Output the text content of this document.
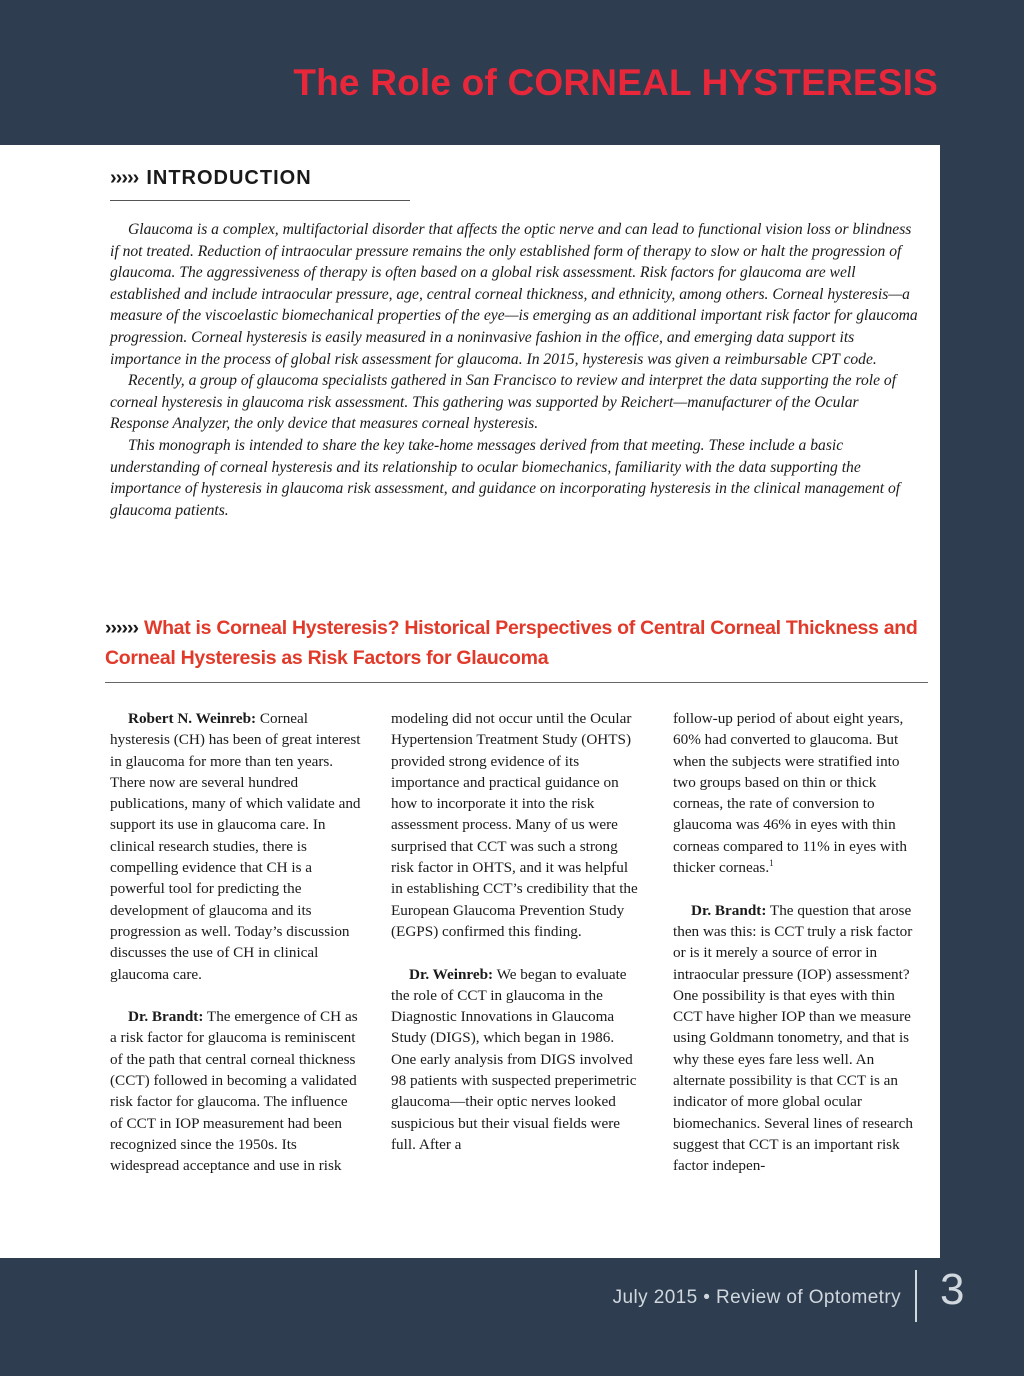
The Role of CORNEAL HYSTERESIS
››››› INTRODUCTION

Glaucoma is a complex, multifactorial disorder that affects the optic nerve and can lead to functional vision loss or blindness if not treated. Reduction of intraocular pressure remains the only established form of therapy to slow or halt the progression of glaucoma. The aggressiveness of therapy is often based on a global risk assessment. Risk factors for glaucoma are well established and include intraocular pressure, age, central corneal thickness, and ethnicity, among others. Corneal hysteresis—a measure of the viscoelastic biomechanical properties of the eye—is emerging as an additional important risk factor for glaucoma progression. Corneal hysteresis is easily measured in a noninvasive fashion in the office, and emerging data support its importance in the process of global risk assessment for glaucoma. In 2015, hysteresis was given a reimbursable CPT code.

Recently, a group of glaucoma specialists gathered in San Francisco to review and interpret the data supporting the role of corneal hysteresis in glaucoma risk assessment. This gathering was supported by Reichert—manufacturer of the Ocular Response Analyzer, the only device that measures corneal hysteresis.

This monograph is intended to share the key take-home messages derived from that meeting. These include a basic understanding of corneal hysteresis and its relationship to ocular biomechanics, familiarity with the data supporting the importance of hysteresis in glaucoma risk assessment, and guidance on incorporating hysteresis in the clinical management of glaucoma patients.

›››››› What is Corneal Hysteresis? Historical Perspectives of Central Corneal Thickness and Corneal Hysteresis as Risk Factors for Glaucoma

Robert N. Weinreb: Corneal hysteresis (CH) has been of great interest in glaucoma for more than ten years. There now are several hundred publications, many of which validate and support its use in glaucoma care. In clinical research studies, there is compelling evidence that CH is a powerful tool for predicting the development of glaucoma and its progression as well. Today’s discussion discusses the use of CH in clinical glaucoma care.

Dr. Brandt: The emergence of CH as a risk factor for glaucoma is reminiscent of the path that central corneal thickness (CCT) followed in becoming a validated risk factor for glaucoma. The influence of CCT in IOP measurement had been recognized since the 1950s. Its widespread acceptance and use in risk

modeling did not occur until the Ocular Hypertension Treatment Study (OHTS) provided strong evidence of its importance and practical guidance on how to incorporate it into the risk assessment process. Many of us were surprised that CCT was such a strong risk factor in OHTS, and it was helpful in establishing CCT’s credibility that the European Glaucoma Prevention Study (EGPS) confirmed this finding.

Dr. Weinreb: We began to evaluate the role of CCT in glaucoma in the Diagnostic Innovations in Glaucoma Study (DIGS), which began in 1986. One early analysis from DIGS involved 98 patients with suspected preperimetric glaucoma—their optic nerves looked suspicious but their visual fields were full. After a

follow-up period of about eight years, 60% had converted to glaucoma. But when the subjects were stratified into two groups based on thin or thick corneas, the rate of conversion to glaucoma was 46% in eyes with thin corneas compared to 11% in eyes with thicker corneas.$^1$

Dr. Brandt: The question that arose then was this: is CCT truly a risk factor or is it merely a source of error in intraocular pressure (IOP) assessment? One possibility is that eyes with thin CCT have higher IOP than we measure using Goldmann tonometry, and that is why these eyes fare less well. An alternate possibility is that CCT is an indicator of more global ocular biomechanics. Several lines of research suggest that CCT is an important risk factor indepen-

July 2015 • Review of Optometry 3
